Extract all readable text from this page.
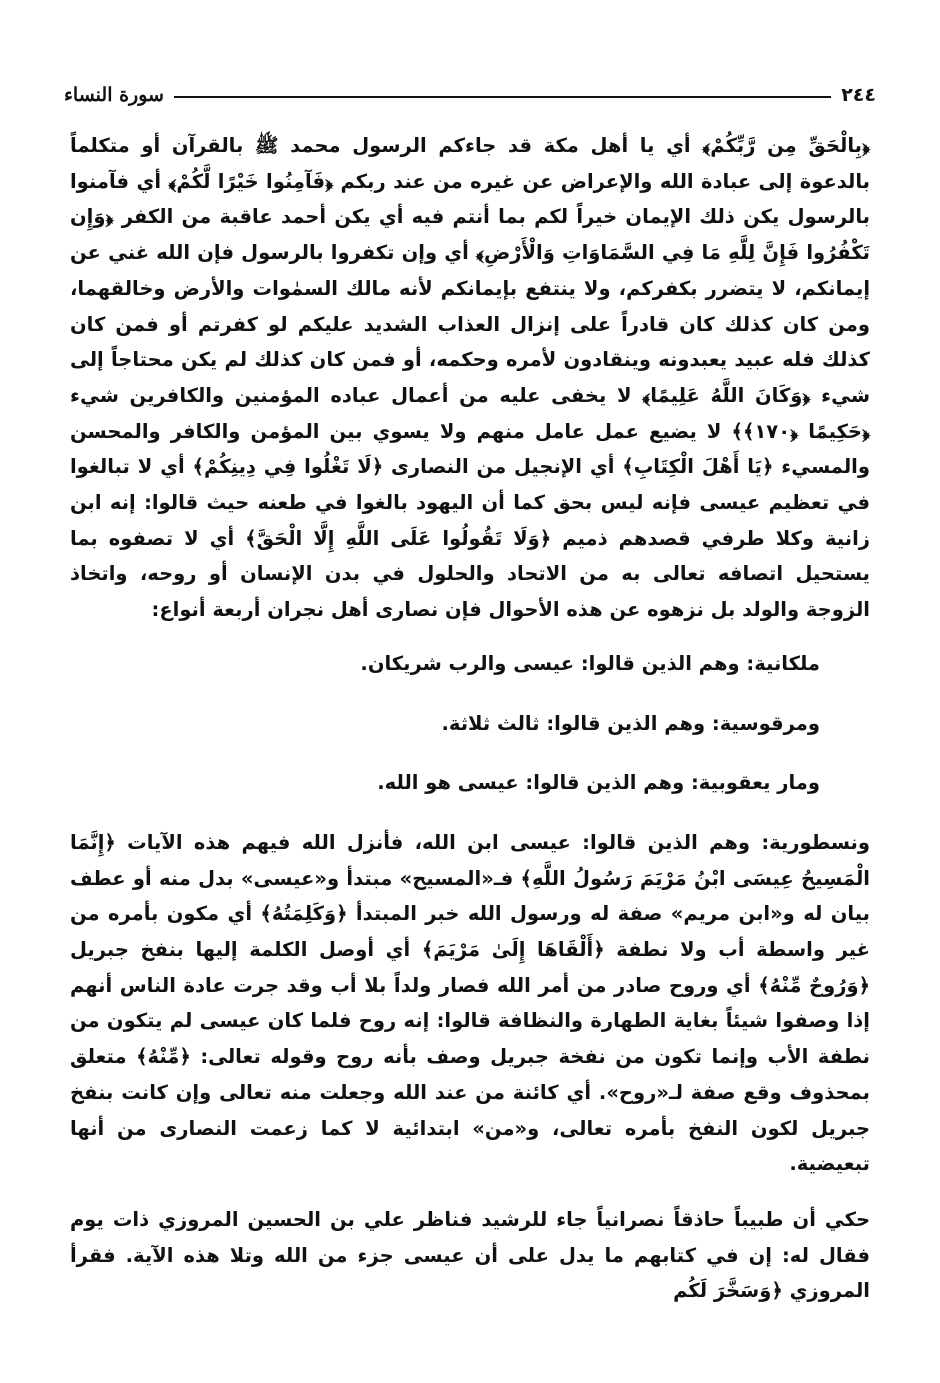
٢٤٤
سورة النساء

﴿بِالْحَقِّ مِن رَّبِّكُمْ﴾ أي يا أهل مكة قد جاءكم الرسول محمد ﷺ بالقرآن أو متكلماً بالدعوة إلى عبادة الله والإعراض عن غيره من عند ربكم ﴿فَآمِنُوا خَيْرًا لَّكُمْ﴾ أي فآمنوا بالرسول يكن ذلك الإيمان خيراً لكم بما أنتم فيه أي يكن أحمد عاقبة من الكفر ﴿وَإِن تَكْفُرُوا فَإِنَّ لِلَّهِ مَا فِي السَّمَاوَاتِ وَالْأَرْضِ﴾ أي وإن تكفروا بالرسول فإن الله غني عن إيمانكم، لا يتضرر بكفركم، ولا ينتفع بإيمانكم لأنه مالك السمٰوات والأرض وخالقهما، ومن كان كذلك كان قادراً على إنزال العذاب الشديد عليكم لو كفرتم أو فمن كان كذلك فله عبيد يعبدونه وينقادون لأمره وحكمه، أو فمن كان كذلك لم يكن محتاجاً إلى شيء ﴿وَكَانَ اللَّهُ عَلِيمًا﴾ لا يخفى عليه من أعمال عباده المؤمنين والكافرين شيء ﴿حَكِيمًا ﴿١٧٠﴾﴾ لا يضيع عمل عامل منهم ولا يسوي بين المؤمن والكافر والمحسن والمسيء ﴿يَا أَهْلَ الْكِتَابِ﴾ أي الإنجيل من النصارى ﴿لَا تَغْلُوا فِي دِينِكُمْ﴾ أي لا تبالغوا في تعظيم عيسى فإنه ليس بحق كما أن اليهود بالغوا في طعنه حيث قالوا: إنه ابن زانية وكلا طرفي قصدهم ذميم ﴿وَلَا تَقُولُوا عَلَى اللَّهِ إِلَّا الْحَقَّ﴾ أي لا تصفوه بما يستحيل اتصافه تعالى به من الاتحاد والحلول في بدن الإنسان أو روحه، واتخاذ الزوجة والولد بل نزهوه عن هذه الأحوال فإن نصارى أهل نجران أربعة أنواع:

ملكانية: وهم الذين قالوا: عيسى والرب شريكان.

ومرقوسية: وهم الذين قالوا: ثالث ثلاثة.

ومار يعقوبية: وهم الذين قالوا: عيسى هو الله.

ونسطورية: وهم الذين قالوا: عيسى ابن الله، فأنزل الله فيهم هذه الآيات ﴿إِنَّمَا الْمَسِيحُ عِيسَى ابْنُ مَرْيَمَ رَسُولُ اللَّهِ﴾ فـ«المسيح» مبتدأ و«عيسى» بدل منه أو عطف بيان له و«ابن مريم» صفة له ورسول الله خبر المبتدأ ﴿وَكَلِمَتُهُ﴾ أي مكون بأمره من غير واسطة أب ولا نطفة ﴿أَلْقَاهَا إِلَىٰ مَرْيَمَ﴾ أي أوصل الكلمة إليها بنفخ جبريل ﴿وَرُوحٌ مِّنْهُ﴾ أي وروح صادر من أمر الله فصار ولداً بلا أب وقد جرت عادة الناس أنهم إذا وصفوا شيئاً بغاية الطهارة والنظافة قالوا: إنه روح فلما كان عيسى لم يتكون من نطفة الأب وإنما تكون من نفخة جبريل وصف بأنه روح وقوله تعالى: ﴿مِّنْهُ﴾ متعلق بمحذوف وقع صفة لـ«روح». أي كائنة من عند الله وجعلت منه تعالى وإن كانت بنفخ جبريل لكون النفخ بأمره تعالى، و«من» ابتدائية لا كما زعمت النصارى من أنها تبعيضية.

حكي أن طبيباً حاذقاً نصرانياً جاء للرشيد فناظر علي بن الحسين المروزي ذات يوم فقال له: إن في كتابهم ما يدل على أن عيسى جزء من الله وتلا هذه الآية. فقرأ المروزي ﴿وَسَخَّرَ لَكُم
